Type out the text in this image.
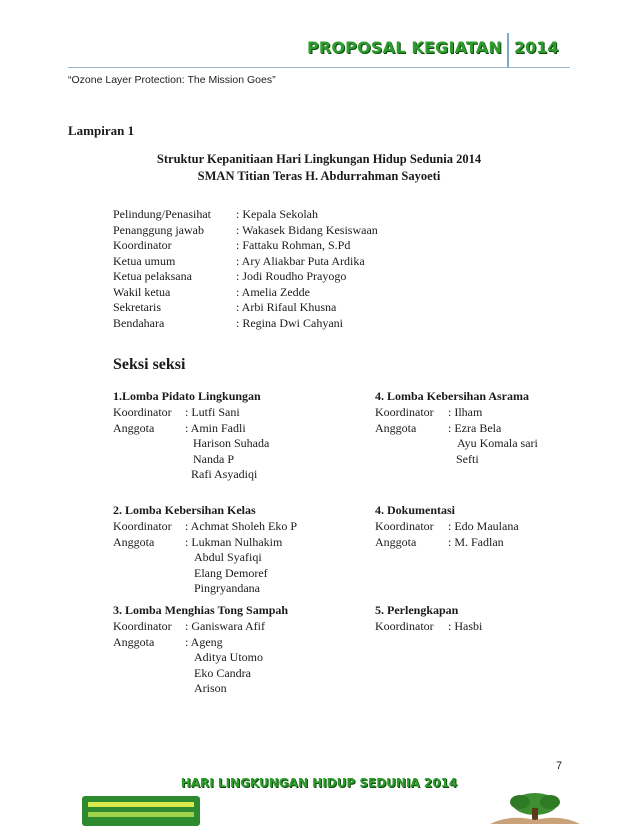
PROPOSAL KEGIATAN 2014
“Ozone Layer Protection: The Mission Goes”
Lampiran 1
Struktur Kepanitiaan Hari Lingkungan Hidup Sedunia 2014
SMAN Titian Teras H. Abdurrahman Sayoeti
Pelindung/Penasihat : Kepala Sekolah
Penanggung jawab	: Wakasek Bidang Kesiswaan
Koordinator	: Fattaku Rohman, S.Pd
Ketua umum	: Ary Aliakbar Puta Ardika
Ketua pelaksana	: Jodi Roudho Prayogo
Wakil ketua	: Amelia Zedde
Sekretaris	: Arbi Rifaul Khusna
Bendahara	: Regina Dwi Cahyani
Seksi seksi
1.Lomba Pidato Lingkungan
Koordinator : Lutfi Sani
Anggota	: Amin Fadli
Harison Suhada
Nanda P
Rafi Asyadiqi
4. Lomba Kebersihan Asrama
Koordinator : Ilham
Anggota	: Ezra Bela
Ayu Komala sari
Sefti
2. Lomba Kebersihan Kelas
Koordinator : Achmat Sholeh Eko P
Anggota	: Lukman Nulhakim
Abdul Syafiqi
Elang Demoref
Pingryandana
4. Dokumentasi
Koordinator : Edo Maulana
Anggota	: M. Fadlan
3. Lomba Menghias Tong Sampah
Koordinator : Ganiswara Afif
Anggota	: Ageng
Aditya Utomo
Eko Candra
Arison
5. Perlengkapan
Koordinator : Hasbi
7
HARI LINGKUNGAN HIDUP SEDUNIA 2014
